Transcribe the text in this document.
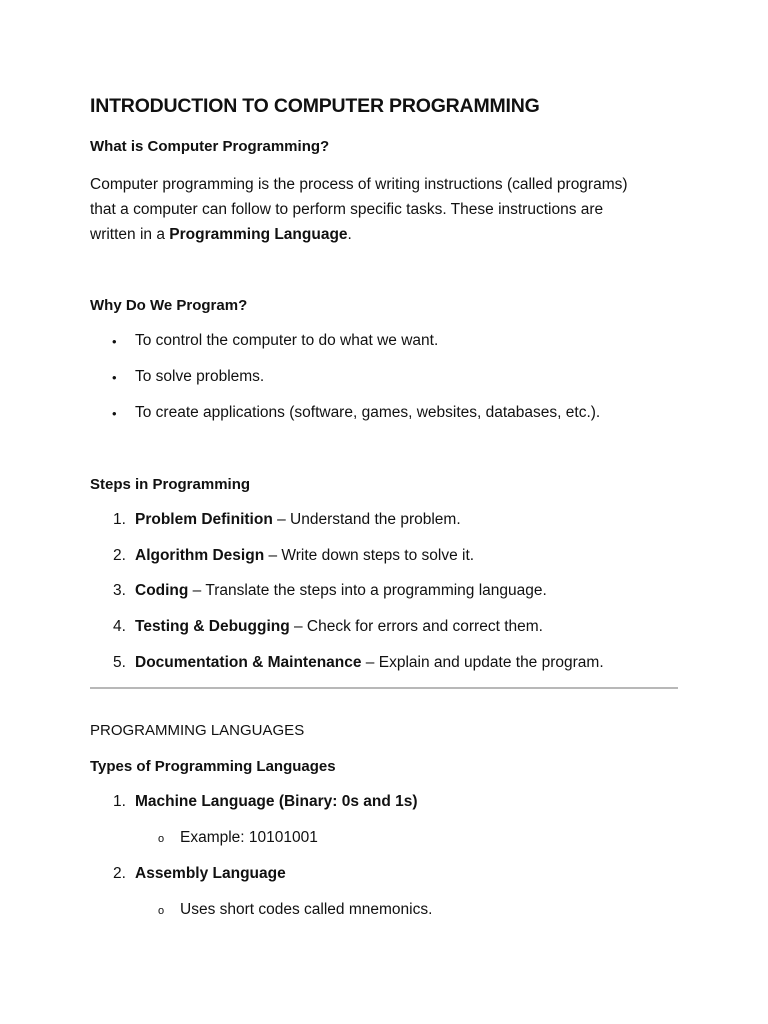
INTRODUCTION TO COMPUTER PROGRAMMING
What is Computer Programming?
Computer programming is the process of writing instructions (called programs)
that a computer can follow to perform specific tasks. These instructions are
written in a Programming Language.
Why Do We Program?
• To control the computer to do what we want.
• To solve problems.
• To create applications (software, games, websites, databases, etc.).
Steps in Programming
1. Problem Definition – Understand the problem.
2. Algorithm Design – Write down steps to solve it.
3. Coding – Translate the steps into a programming language.
4. Testing & Debugging – Check for errors and correct them.
5. Documentation & Maintenance – Explain and update the program.
PROGRAMMING LANGUAGES
Types of Programming Languages
1. Machine Language (Binary: 0s and 1s)
o Example: 10101001
2. Assembly Language
o Uses short codes called mnemonics.
